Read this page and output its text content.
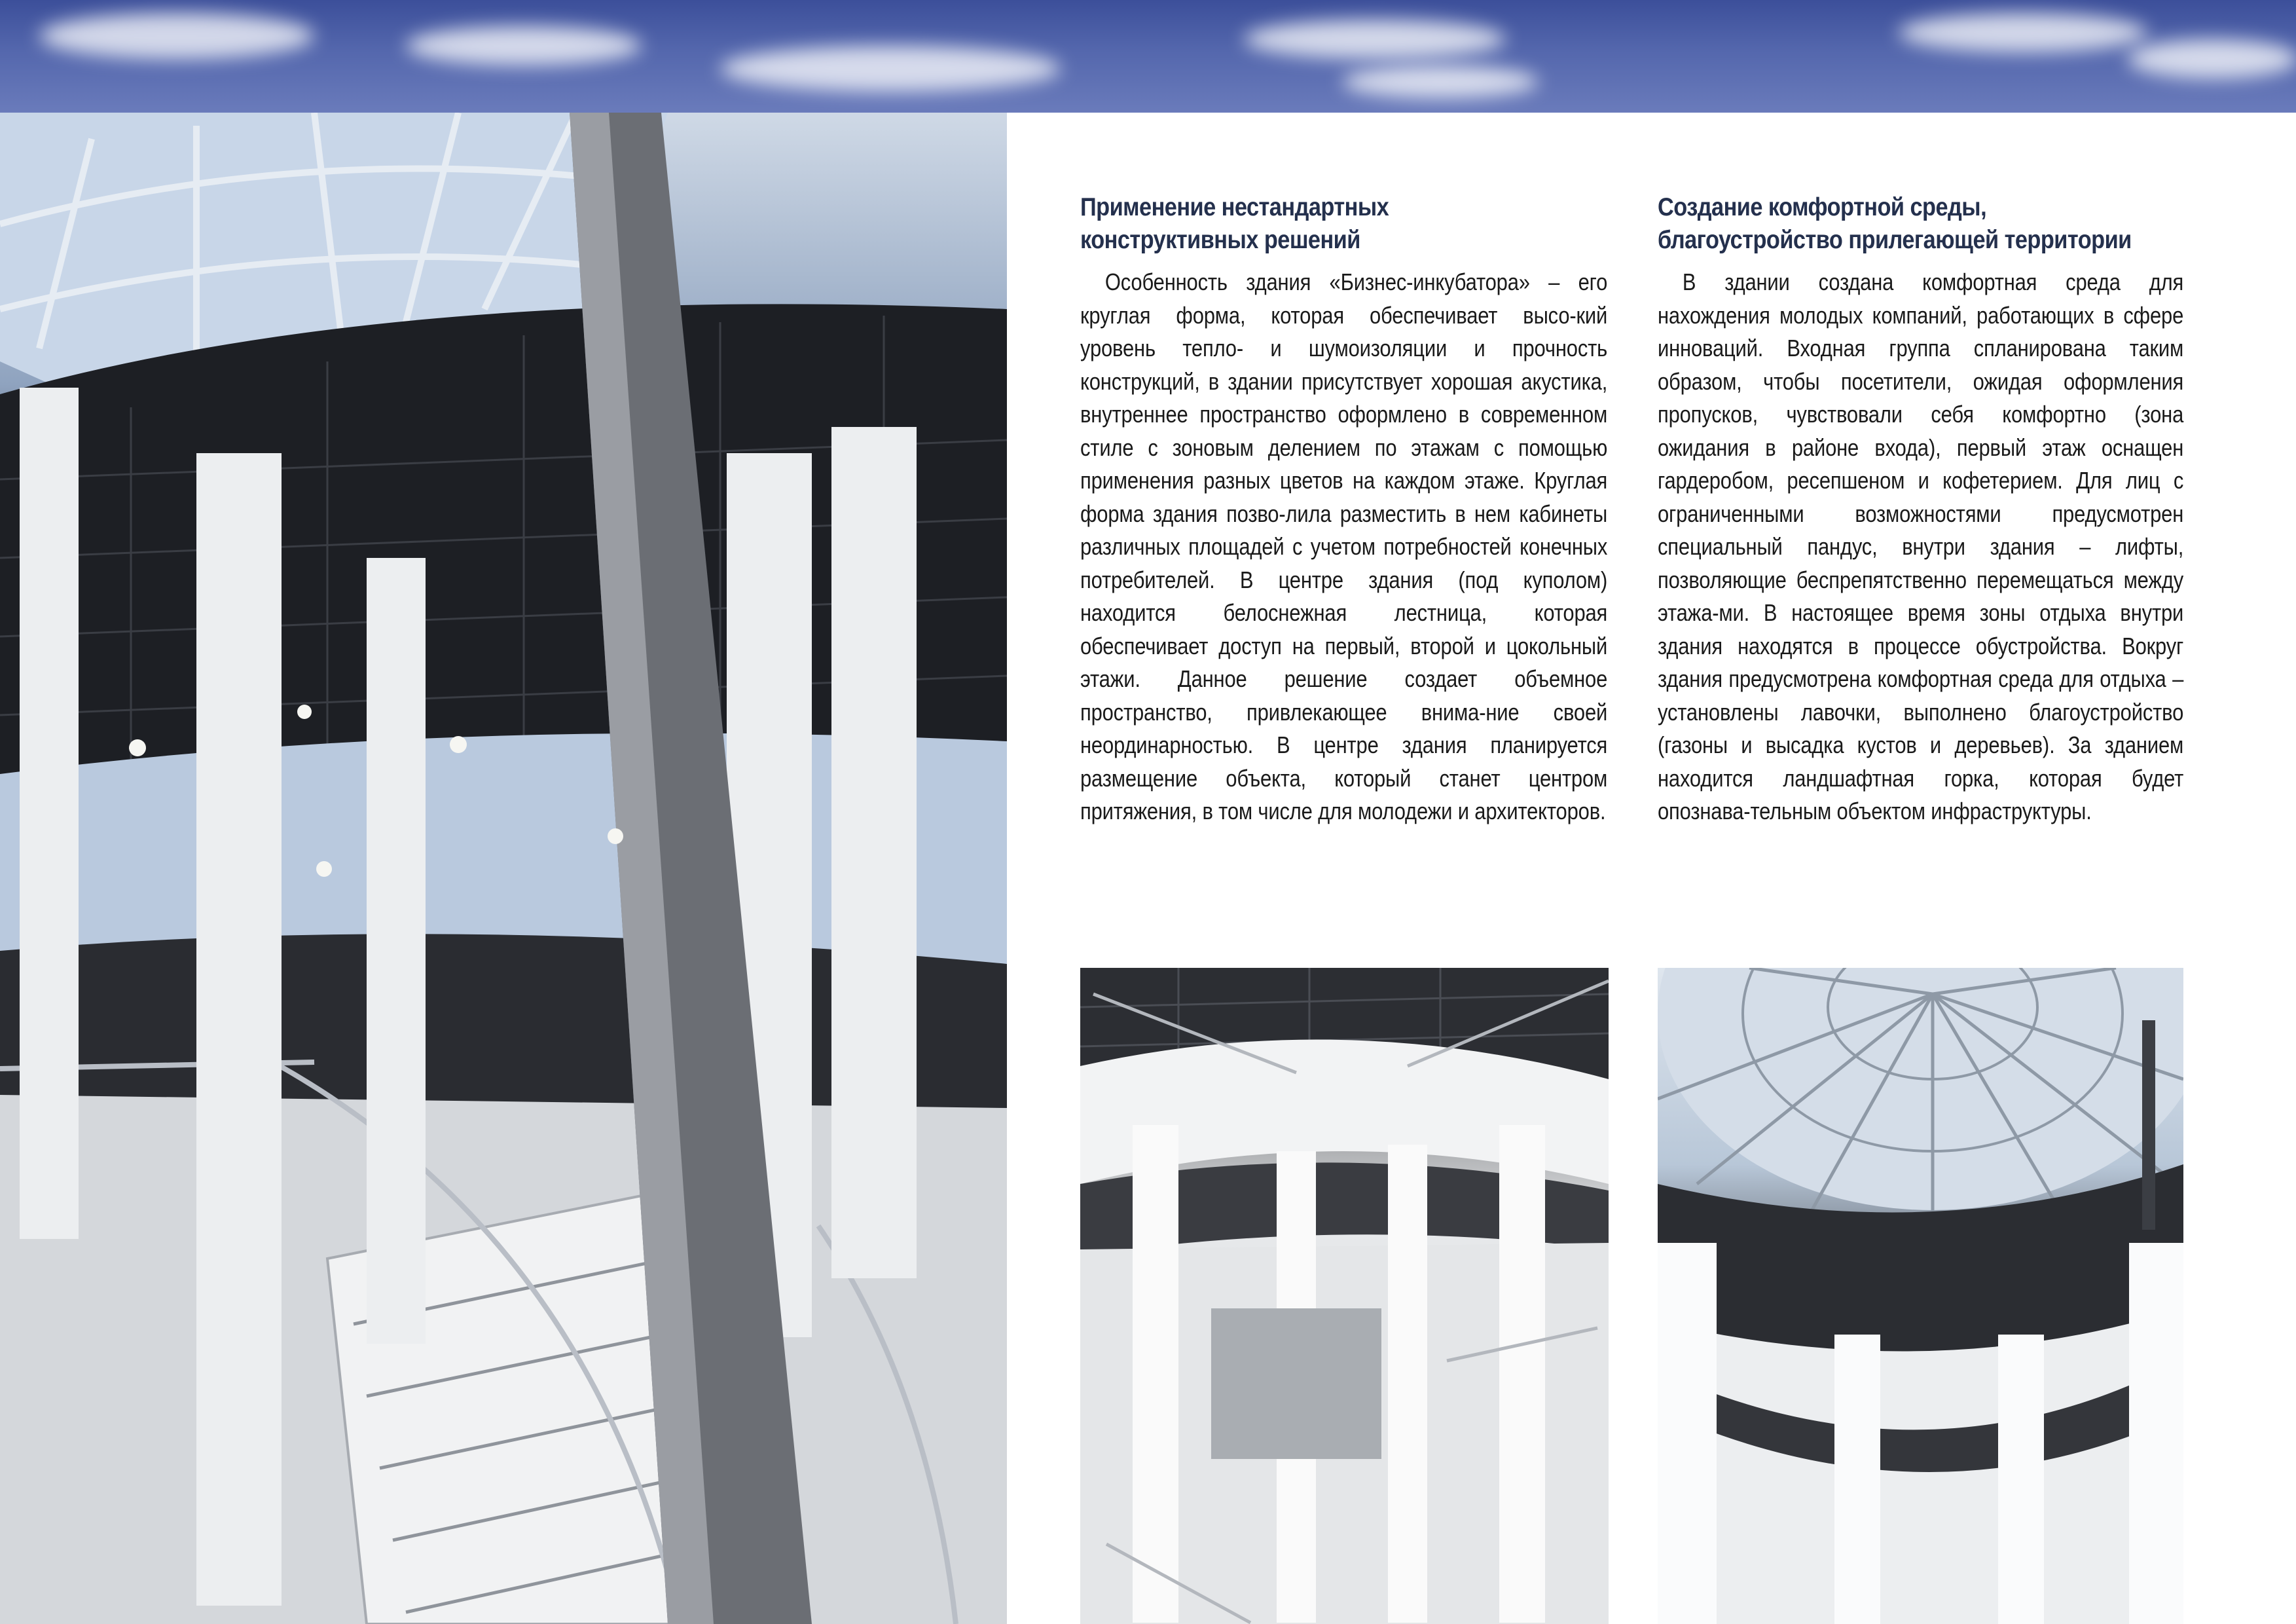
Применение нестандартных
конструктивных решений

Особенность здания «Бизнес-инкубатора» – его круглая форма, которая обеспечивает высо-кий уровень тепло- и шумоизоляции и прочность конструкций, в здании присутствует хорошая акустика, внутреннее пространство оформлено в современном стиле с зоновым делением по этажам с помощью применения разных цветов на каждом этаже. Круглая форма здания позво-лила разместить в нем кабинеты различных площадей с учетом потребностей конечных потребителей. В центре здания (под куполом) находится белоснежная лестница, которая обеспечивает доступ на первый, второй и цокольный этажи. Данное решение создает объемное пространство, привлекающее внима-ние своей неординарностью. В центре здания планируется размещение объекта, который станет центром притяжения, в том числе для молодежи и архитекторов.

Создание комфортной среды,
благоустройство прилегающей территории

В здании создана комфортная среда для нахождения молодых компаний, работающих в сфере инноваций. Входная группа спланирована таким образом, чтобы посетители, ожидая оформления пропусков, чувствовали себя комфортно (зона ожидания в районе входа), первый этаж оснащен гардеробом, ресепшеном и кофетерием. Для лиц с ограниченными возможностями предусмотрен специальный пандус, внутри здания – лифты, позволяющие беспрепятственно перемещаться между этажа-ми. В настоящее время зоны отдыха внутри здания находятся в процессе обустройства. Вокруг здания предусмотрена комфортная среда для отдыха – установлены лавочки, выполнено благоустройство (газоны и высадка кустов и деревьев). За зданием находится ландшафтная горка, которая будет опознава-тельным объектом инфраструктуры.
